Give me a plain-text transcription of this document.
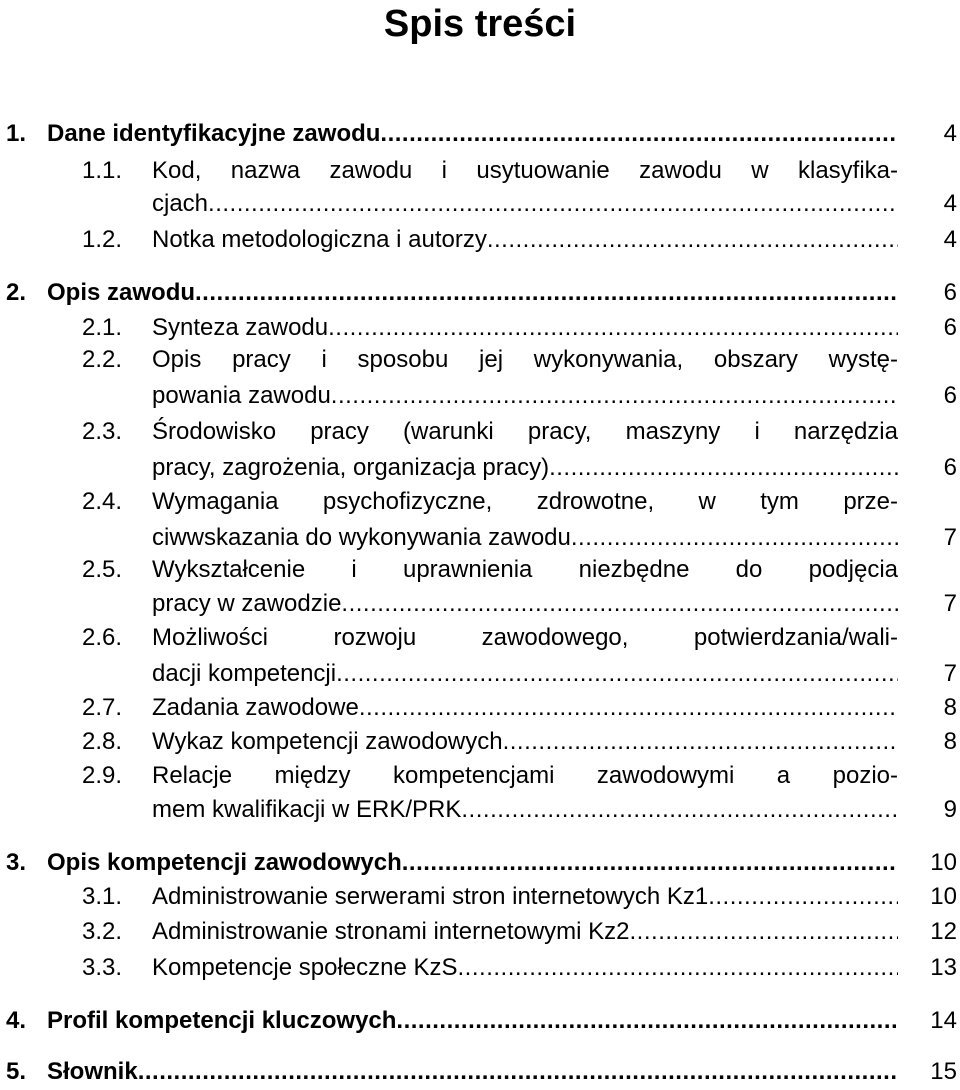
Spis treści
1. Dane identyfikacyjne zawodu .....	4
1.1. Kod, nazwa zawodu i usytuowanie zawodu w klasyfika-
cjach .....	4
1.2. Notka metodologiczna i autorzy .....	4
2. Opis zawodu .....	6
2.1. Synteza zawodu .....	6
2.2. Opis pracy i sposobu jej wykonywania, obszary wystę-
powania zawodu .....	6
2.3. Środowisko pracy (warunki pracy, maszyny i narzędzia
pracy, zagrożenia, organizacja pracy) .....	6
2.4. Wymagania psychofizyczne, zdrowotne, w tym prze-
ciwwskazania do wykonywania zawodu .....	7
2.5. Wykształcenie i uprawnienia niezbędne do podjęcia
pracy w zawodzie .....	7
2.6. Możliwości rozwoju zawodowego, potwierdzania/wali-
dacji kompetencji .....	7
2.7. Zadania zawodowe .....	8
2.8. Wykaz kompetencji zawodowych .....	8
2.9. Relacje między kompetencjami zawodowymi a pozio-
mem kwalifikacji w ERK/PRK .....	9
3. Opis kompetencji zawodowych .....	10
3.1. Administrowanie serwerami stron internetowych Kz1 .....	10
3.2. Administrowanie stronami internetowymi Kz2 .....	12
3.3. Kompetencje społeczne KzS .....	13
4. Profil kompetencji kluczowych .....	14
5. Słownik .....	15
